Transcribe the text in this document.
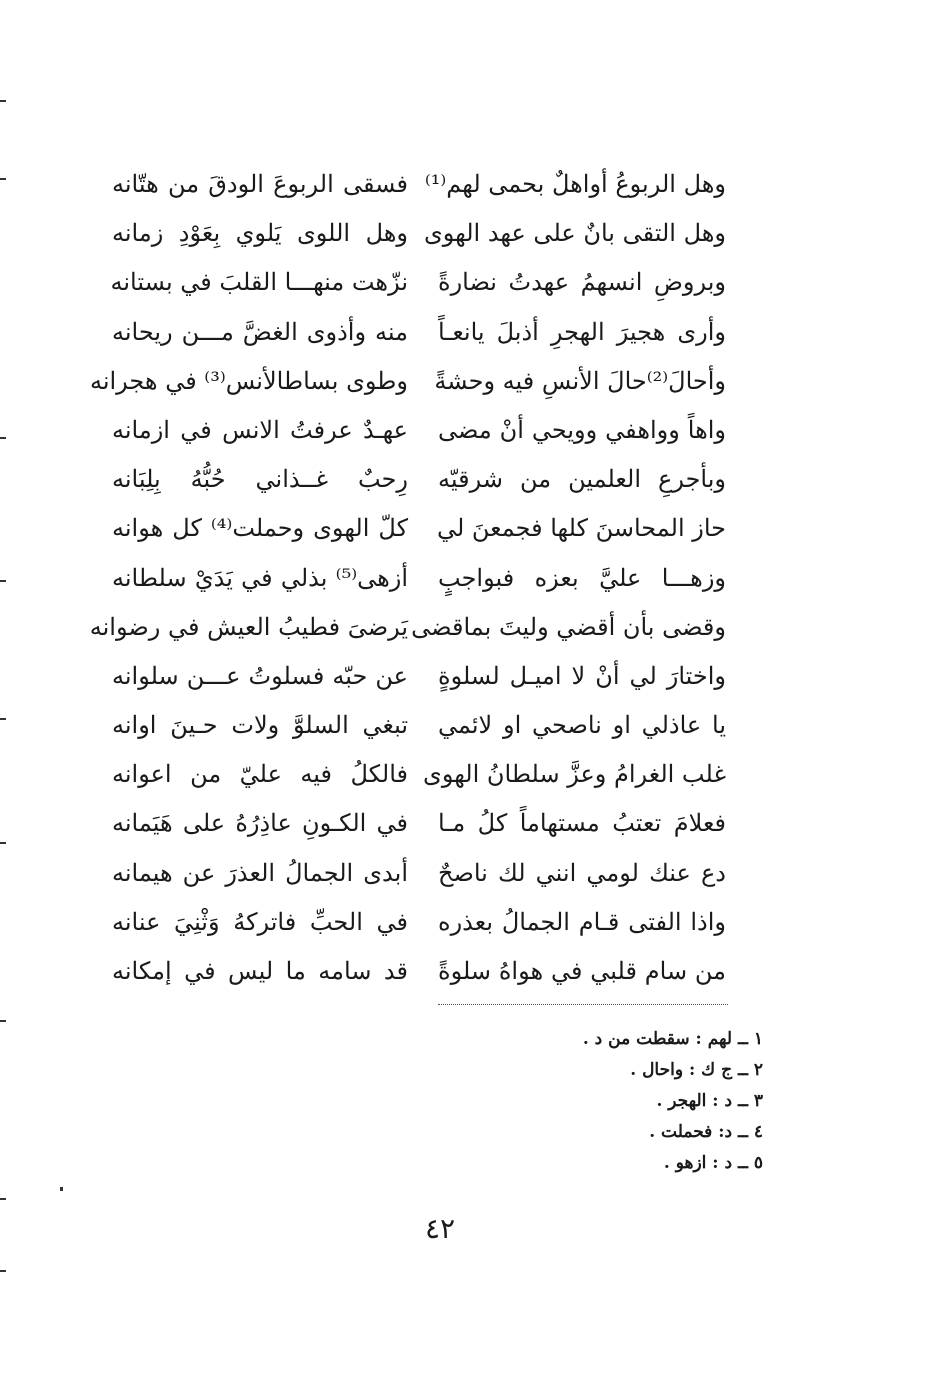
وهل الربوعُ أواهلٌ بحمى لهم⁽¹⁾
فسقى الربوعَ الودقَ من هتّانه
وهل التقى بانٌ على عهد الهوى
وهل اللوى يَلوي بِعَوْدِ زمانه
وبروضِ انسهمُ عهدتُ نضارةً
نزّهت منهـــا القلبَ في بستانه
وأرى هجيرَ الهجرِ أذبلَ يانعـاً
منه وأذوى الغضَّ مـــن ريحانه
وأحالَ⁽²⁾حالَ الأنسِ فيه وحشةً
وطوى بساطالأنس⁽³⁾ في هجرانه
واهاً وواهفي وويحي أنْ مضى
عهـدٌ عرفتُ الانس في ازمانه
وبأجرعِ العلمين من شرقيّه
رِحبٌ غــذاني حُبُّهُ بِلِبَانه
حاز المحاسنَ كلها فجمعنَ لي
كلّ الهوى وحملت⁽⁴⁾ كل هوانه
وزهـــا عليَّ بعزه فبواجبٍ
أزهى⁽⁵⁾ بذلي في يَدَيْ سلطانه
وقضى بأن أقضي وليتَ بماقضى
يَرضىَ فطيبُ العيش في رضوانه
واختارَ لي أنْ لا اميـل لسلوةٍ
عن حبّه فسلوتُ عـــن سلوانه
يا عاذلي او ناصحي او لائمي
تبغي السلوَّ ولات حـينَ اوانه
غلب الغرامُ وعزَّ سلطانُ الهوى
فالكلُ فيه عليّ من اعوانه
فعلامَ تعتبُ مستهاماً كلُ مـا
في الكـونِ عاذِرُهُ على هَيَمانه
دع عنك لومي انني لك ناصحٌ
أبدى الجمالُ العذرَ عن هيمانه
واذا الفتى قـام الجمالُ بعذره
في الحبِّ فاتركهُ وَثْنِيَ عنانه
من سام قلبي في هواهُ سلوةً
قد سامه ما ليس في إمكانه
١ ــ لهم : سقطت من د .
٢ ــ ج ك : واحال .
٣ ــ د : الهجر .
٤ ــ د: فحملت .
٥ ــ د : ازهو .
٤٢
